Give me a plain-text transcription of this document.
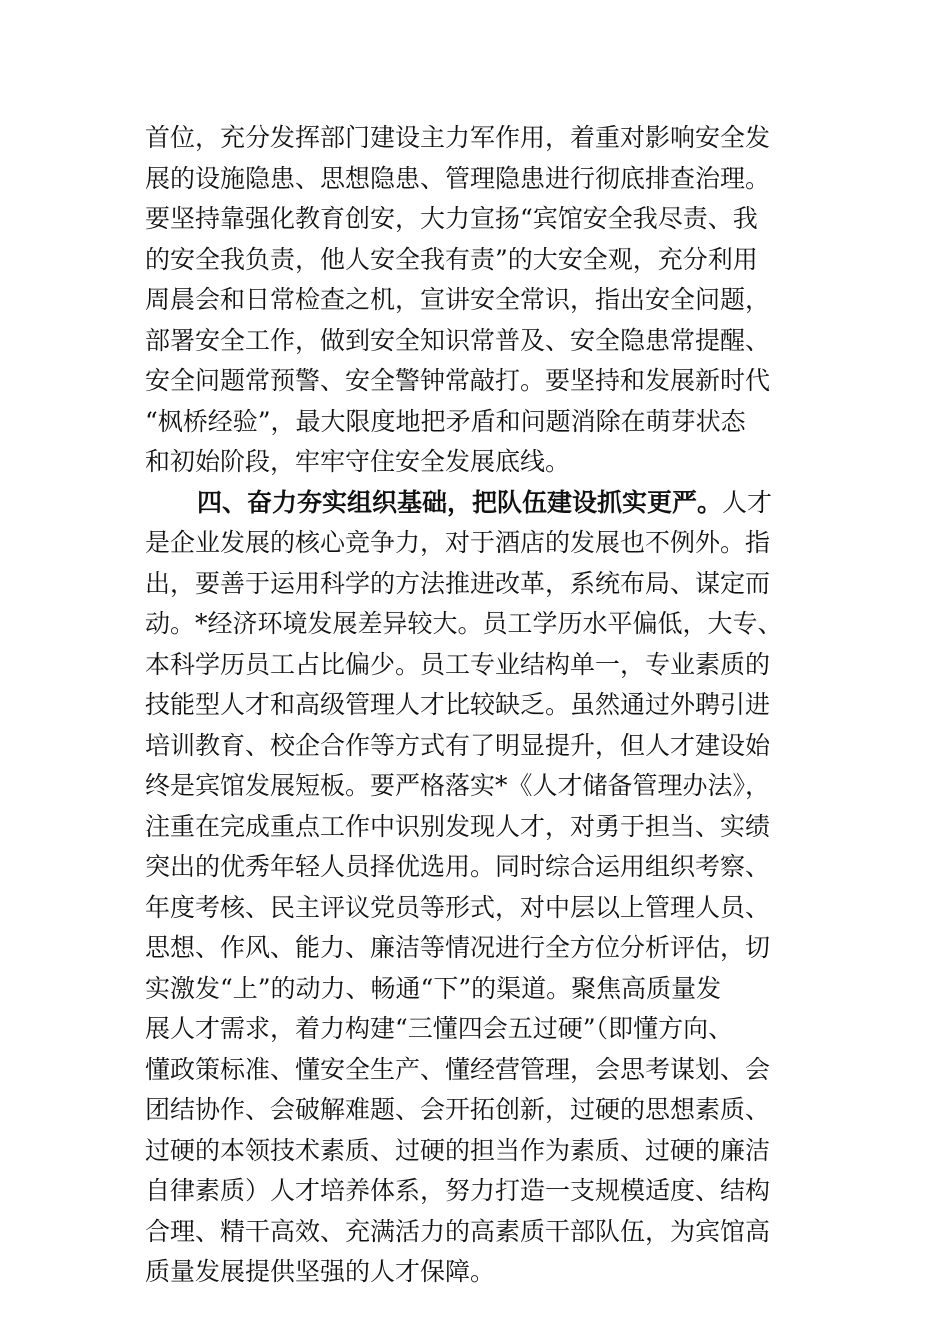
首位，充分发挥部门建设主力军作用，着重对影响安全发
展的设施隐患、思想隐患、管理隐患进行彻底排查治理。
要坚持靠强化教育创安，大力宣扬“宾馆安全我尽责、我
的安全我负责，他人安全我有责”的大安全观，充分利用
周晨会和日常检查之机，宣讲安全常识，指出安全问题，
部署安全工作，做到安全知识常普及、安全隐患常提醒、
安全问题常预警、安全警钟常敲打。要坚持和发展新时代
“枫桥经验”，最大限度地把矛盾和问题消除在萌芽状态
和初始阶段，牢牢守住安全发展底线。
四、奋力夯实组织基础，把队伍建设抓实更严。人才
是企业发展的核心竞争力，对于酒店的发展也不例外。指
出，要善于运用科学的方法推进改革，系统布局、谋定而
动。*经济环境发展差异较大。员工学历水平偏低，大专、
本科学历员工占比偏少。员工专业结构单一，专业素质的
技能型人才和高级管理人才比较缺乏。虽然通过外聘引进
培训教育、校企合作等方式有了明显提升，但人才建设始
终是宾馆发展短板。要严格落实*《人才储备管理办法》，
注重在完成重点工作中识别发现人才，对勇于担当、实绩
突出的优秀年轻人员择优选用。同时综合运用组织考察、
年度考核、民主评议党员等形式，对中层以上管理人员、
思想、作风、能力、廉洁等情况进行全方位分析评估，切
实激发“上”的动力、畅通“下”的渠道。聚焦高质量发
展人才需求，着力构建“三懂四会五过硬”（即懂方向、
懂政策标准、懂安全生产、懂经营管理，会思考谋划、会
团结协作、会破解难题、会开拓创新，过硬的思想素质、
过硬的本领技术素质、过硬的担当作为素质、过硬的廉洁
自律素质）人才培养体系，努力打造一支规模适度、结构
合理、精干高效、充满活力的高素质干部队伍，为宾馆高
质量发展提供坚强的人才保障。
